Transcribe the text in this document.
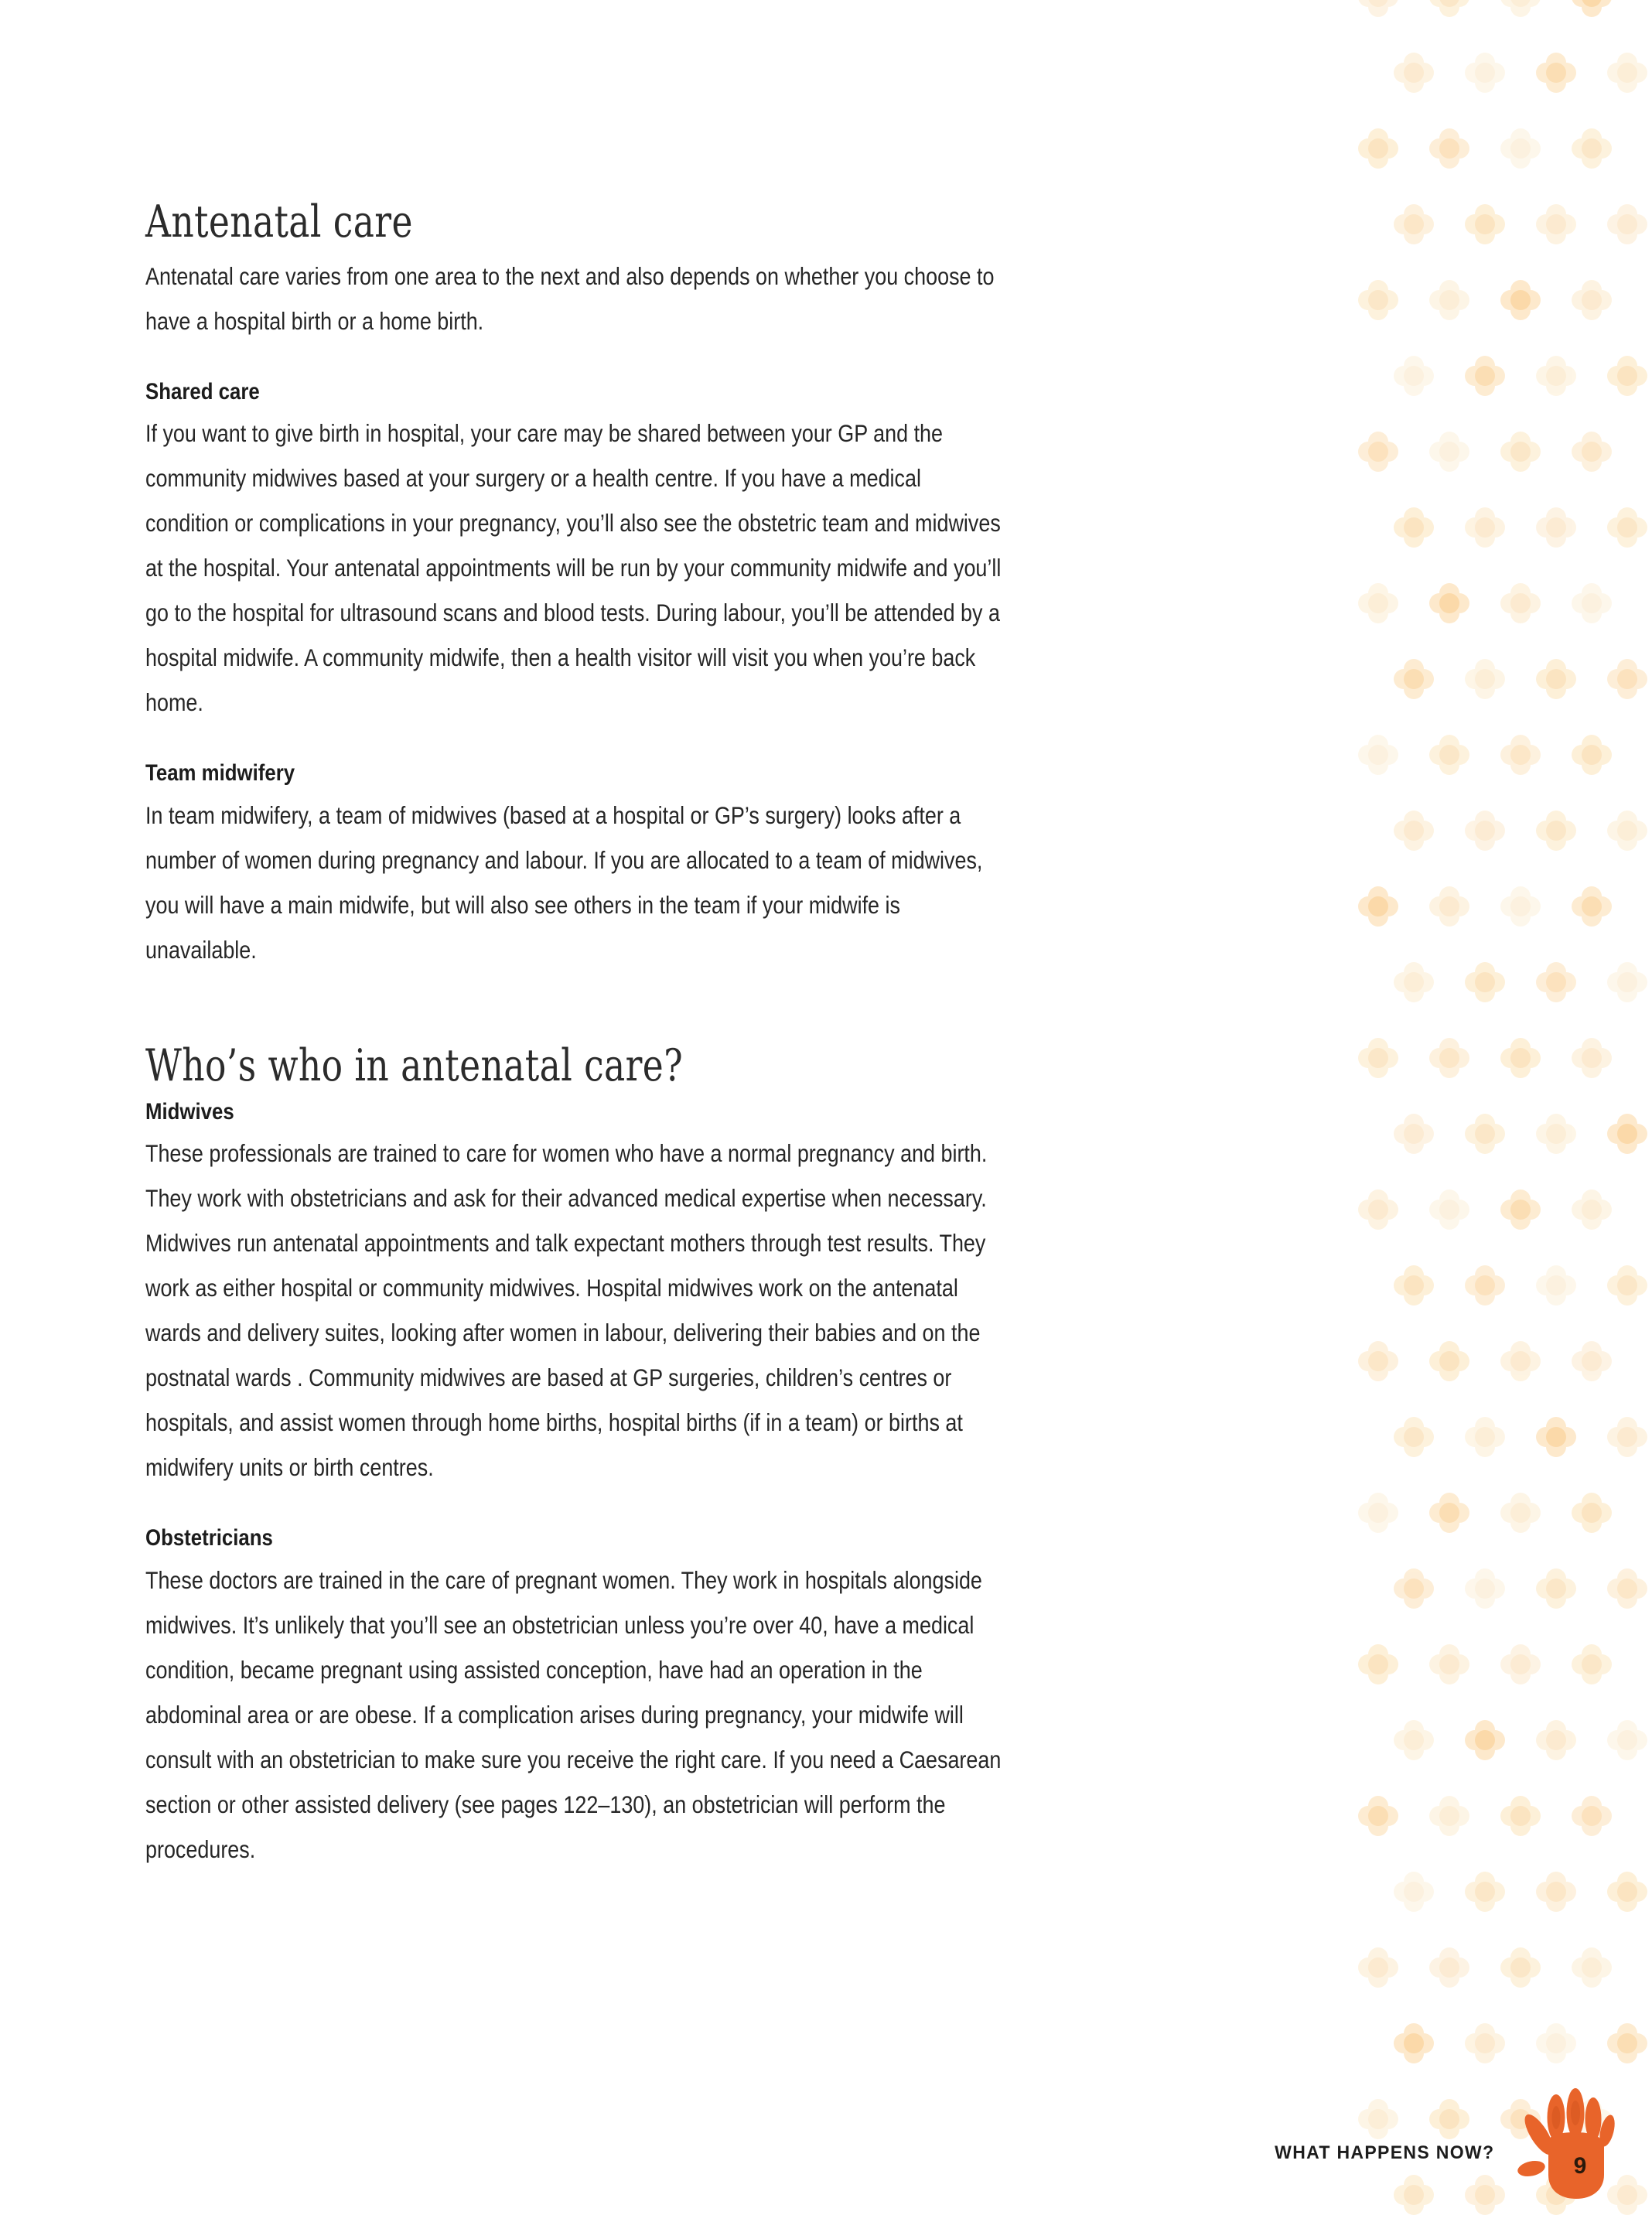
Antenatal care

Antenatal care varies from one area to the next and also depends on whether you choose to have a hospital birth or a home birth.

Shared care

If you want to give birth in hospital, your care may be shared between your GP and the community midwives based at your surgery or a health centre. If you have a medical condition or complications in your pregnancy, you’ll also see the obstetric team and midwives at the hospital. Your antenatal appointments will be run by your community midwife and you’ll go to the hospital for ultrasound scans and blood tests. During labour, you’ll be attended by a hospital midwife. A community midwife, then a health visitor will visit you when you’re back home.

Team midwifery

In team midwifery, a team of midwives (based at a hospital or GP’s surgery) looks after a number of women during pregnancy and labour. If you are allocated to a team of midwives, you will have a main midwife, but will also see others in the team if your midwife is unavailable.

Who’s who in antenatal care?
Midwives

These professionals are trained to care for women who have a normal pregnancy and birth. They work with obstetricians and ask for their advanced medical expertise when necessary. Midwives run antenatal appointments and talk expectant mothers through test results. They work as either hospital or community midwives. Hospital midwives work on the antenatal wards and delivery suites, looking after women in labour, delivering their babies and on the postnatal wards . Community midwives are based at GP surgeries, children’s centres or hospitals, and assist women through home births, hospital births (if in a team) or births at midwifery units or birth centres.

Obstetricians

These doctors are trained in the care of pregnant women. They work in hospitals alongside midwives. It’s unlikely that you’ll see an obstetrician unless you’re over 40, have a medical condition, became pregnant using assisted conception, have had an operation in the abdominal area or are obese. If a complication arises during pregnancy, your midwife will consult with an obstetrician to make sure you receive the right care. If you need a Caesarean section or other assisted delivery (see pages 122–130), an obstetrician will perform the procedures.

WHAT HAPPENS NOW?
9
